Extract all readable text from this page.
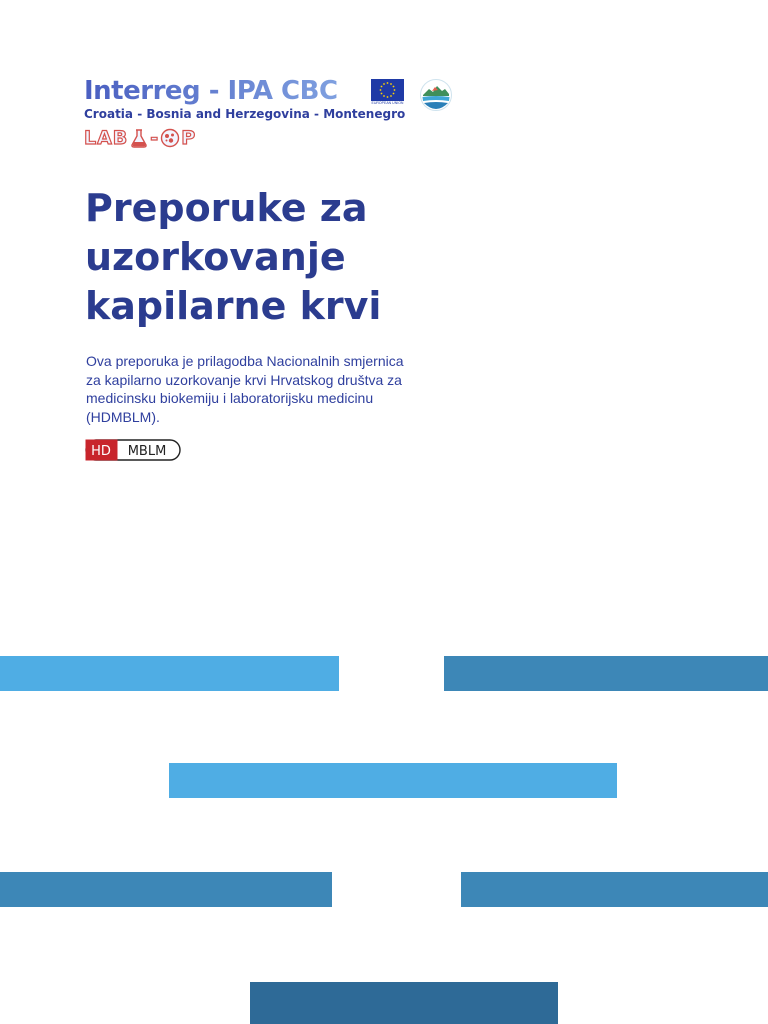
Interreg - IPA CBC	EUROPEAN UNION
Croatia - Bosnia and Herzegovina - Montenegro
LAB - P
Preporuke za
uzorkovanje
kapilarne krvi

Ova preporuka je prilagodba Nacionalnih smjernica za kapilarno uzorkovanje krvi Hrvatskog društva za medicinsku biokemiju i laboratorijsku medicinu (HDMBLM).

HD MBLM
